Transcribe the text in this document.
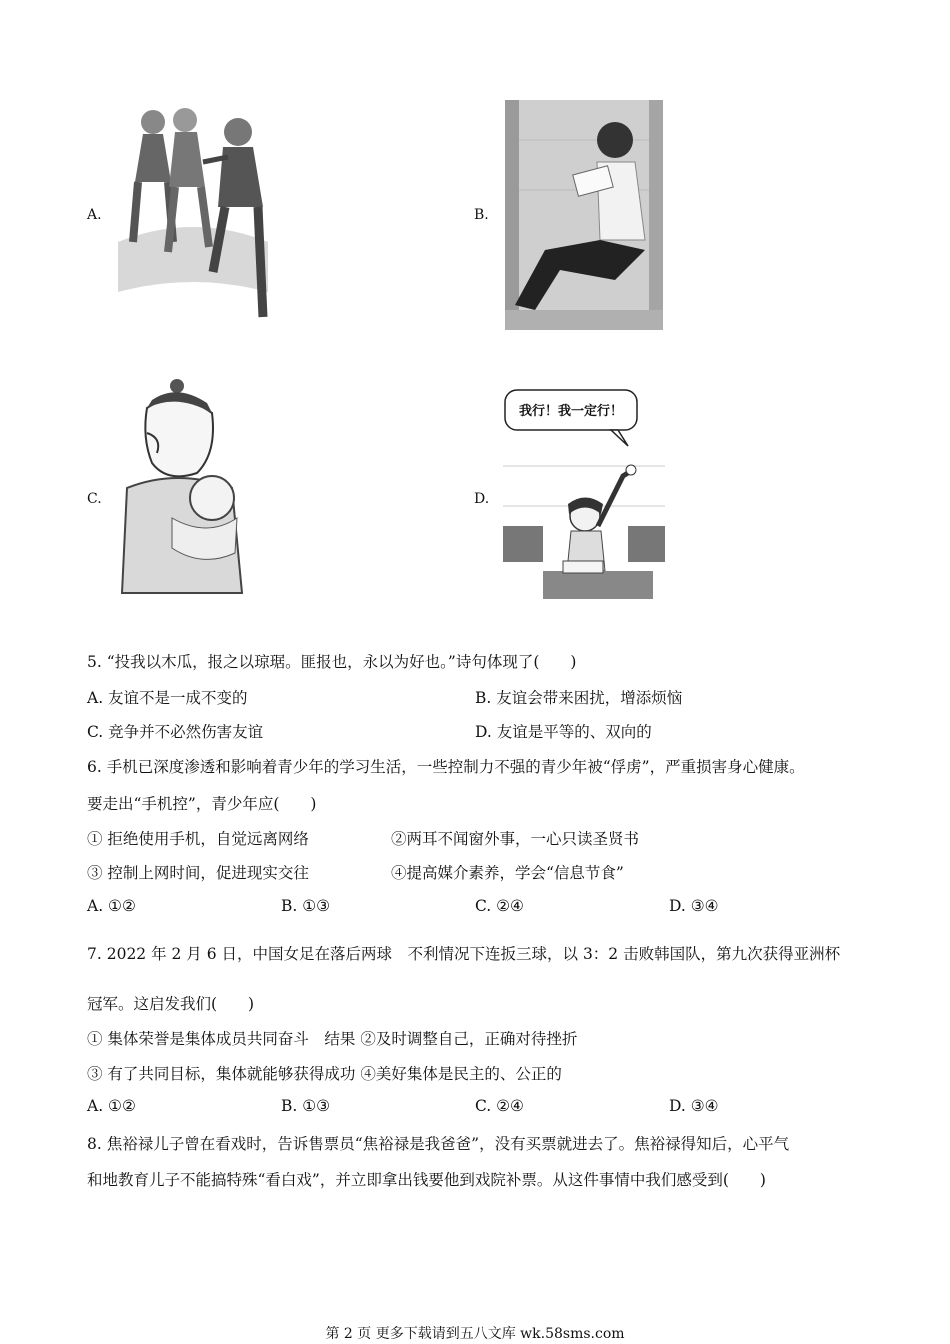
A.	B.
C.	D.
我行！我一定行！
5. “投我以木瓜，报之以琼琚。匪报也，永以为好也。”诗句体现了(　　)
A. 友谊不是一成不变的	B. 友谊会带来困扰，增添烦恼
C. 竞争并不必然伤害友谊	D. 友谊是平等的、双向的
6. 手机已深度渗透和影响着青少年的学习生活，一些控制力不强的青少年被“俘虏”，严重损害身心健康。
要走出“手机控”，青少年应(　　)
① 拒绝使用手机，自觉远离网络	②两耳不闻窗外事，一心只读圣贤书
③ 控制上网时间，促进现实交往	④提高媒介素养，学会“信息节食”
A. ①②	B. ①③	C. ②④	D. ③④
7. 2022 年 2 月 6 日，中国女足在落后两球　不利情况下连扳三球，以 3：2 击败韩国队，第九次获得亚洲杯
冠军。这启发我们(　　)
① 集体荣誉是集体成员共同奋斗　结果 ②及时调整自己，正确对待挫折
③ 有了共同目标，集体就能够获得成功 ④美好集体是民主的、公正的
A. ①②	B. ①③	C. ②④	D. ③④
8. 焦裕禄儿子曾在看戏时，告诉售票员“焦裕禄是我爸爸”，没有买票就进去了。焦裕禄得知后，心平气
和地教育儿子不能搞特殊“看白戏”，并立即拿出钱要他到戏院补票。从这件事情中我们感受到(　　)
第 2 页 更多下载请到五八文库 wk.58sms.com
